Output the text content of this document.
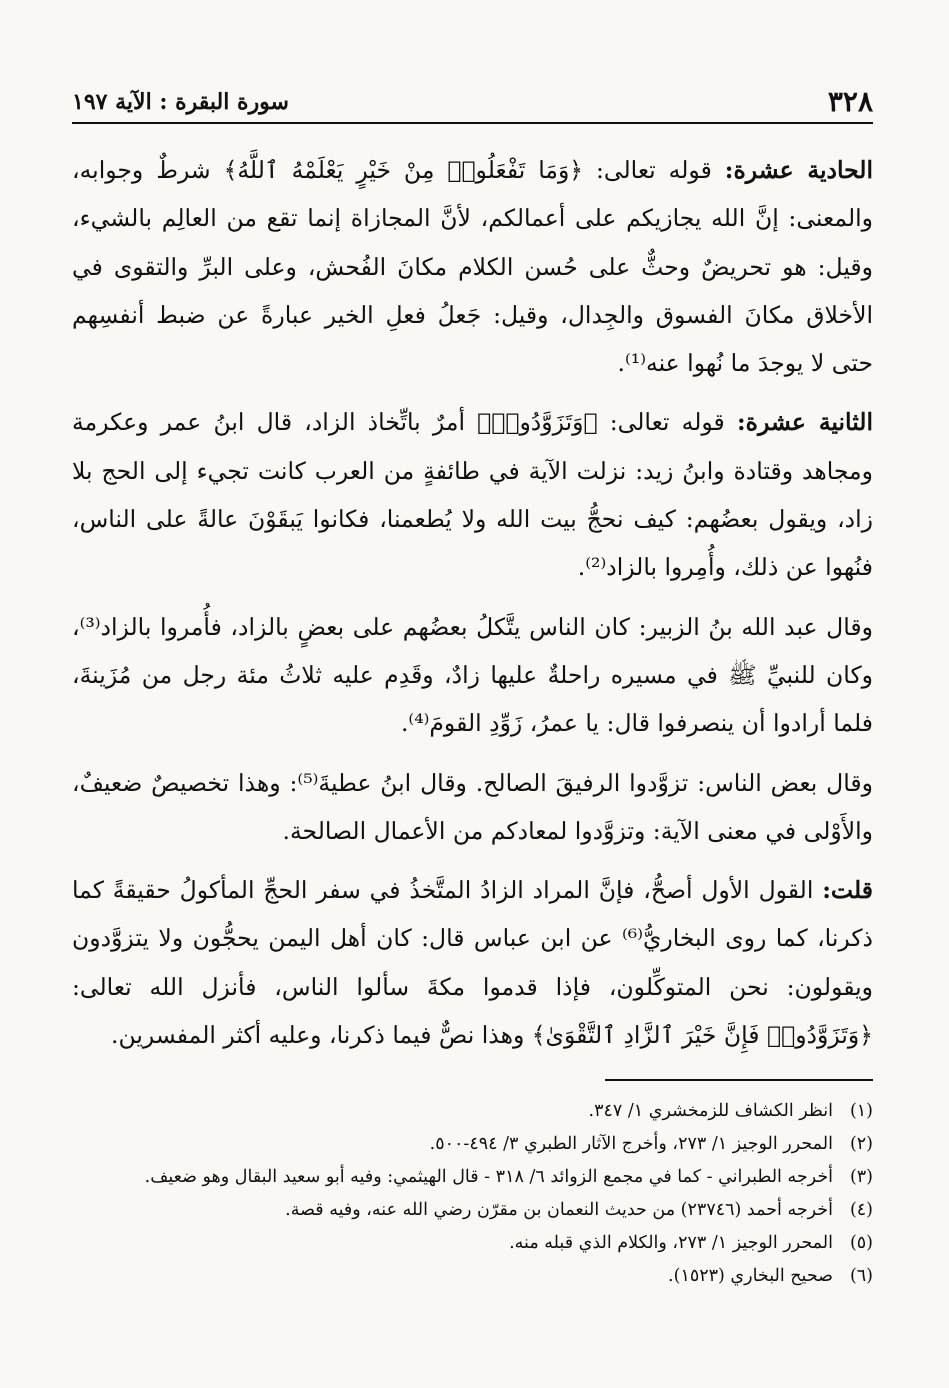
٣٢٨
سورة البقرة : الآية ١٩٧

الحادية عشرة: قوله تعالى: ﴿وَمَا تَفْعَلُوا۟ مِنْ خَيْرٍ يَعْلَمْهُ ٱللَّهُ﴾ شرطٌ وجوابه، والمعنى: إنَّ الله يجازيكم على أعمالكم، لأنَّ المجازاة إنما تقع من العالِم بالشيء، وقيل: هو تحريضٌ وحثٌّ على حُسن الكلام مكانَ الفُحش، وعلى البرِّ والتقوى في الأخلاق مكانَ الفسوق والجِدال، وقيل: جَعلُ فعلِ الخير عبارةً عن ضبط أنفسِهم حتى لا يوجدَ ما نُهوا عنه⁽¹⁾.

الثانية عشرة: قوله تعالى: ﴿وَتَزَوَّدُوا۟﴾ أمرٌ باتِّخاذ الزاد، قال ابنُ عمر وعكرمة ومجاهد وقتادة وابنُ زيد: نزلت الآية في طائفةٍ من العرب كانت تجيء إلى الحج بلا زاد، ويقول بعضُهم: كيف نحجُّ بيت الله ولا يُطعمنا، فكانوا يَبقَوْنَ عالةً على الناس، فنُهوا عن ذلك، وأُمِروا بالزاد⁽²⁾.

وقال عبد الله بنُ الزبير: كان الناس يتَّكلُ بعضُهم على بعضٍ بالزاد، فأُمروا بالزاد⁽³⁾، وكان للنبيِّ ﷺ في مسيره راحلةٌ عليها زادٌ، وقَدِم عليه ثلاثُ مئة رجل من مُزَينةَ، فلما أرادوا أن ينصرفوا قال: يا عمرُ، زَوِّدِ القومَ⁽⁴⁾.

وقال بعض الناس: تزوَّدوا الرفيقَ الصالح. وقال ابنُ عطيةَ⁽⁵⁾: وهذا تخصيصٌ ضعيفٌ، والأَوْلى في معنى الآية: وتزوَّدوا لمعادكم من الأعمال الصالحة.

قلت: القول الأول أصحُّ، فإنَّ المراد الزادُ المتَّخذُ في سفر الحجِّ المأكولُ حقيقةً كما ذكرنا، كما روى البخاريُّ⁽⁶⁾ عن ابن عباس قال: كان أهل اليمن يحجُّون ولا يتزوَّدون ويقولون: نحن المتوكِّلون، فإذا قدموا مكةَ سألوا الناس، فأنزل الله تعالى: ﴿وَتَزَوَّدُوا۟ فَإِنَّ خَيْرَ ٱلزَّادِ ٱلتَّقْوَىٰ﴾ وهذا نصٌّ فيما ذكرنا، وعليه أكثر المفسرين.

(١)
انظر الكشاف للزمخشري ١/ ٣٤٧.
(٢)
المحرر الوجيز ١/ ٢٧٣، وأخرج الآثار الطبري ٣/ ٤٩٤-٥٠٠.
(٣)
أخرجه الطبراني - كما في مجمع الزوائد ٦/ ٣١٨ - قال الهيثمي: وفيه أبو سعيد البقال وهو ضعيف.
(٤)
أخرجه أحمد (٢٣٧٤٦) من حديث النعمان بن مقرّن رضي الله عنه، وفيه قصة.
(٥)
المحرر الوجيز ١/ ٢٧٣، والكلام الذي قبله منه.
(٦)
صحيح البخاري (١٥٢٣).
